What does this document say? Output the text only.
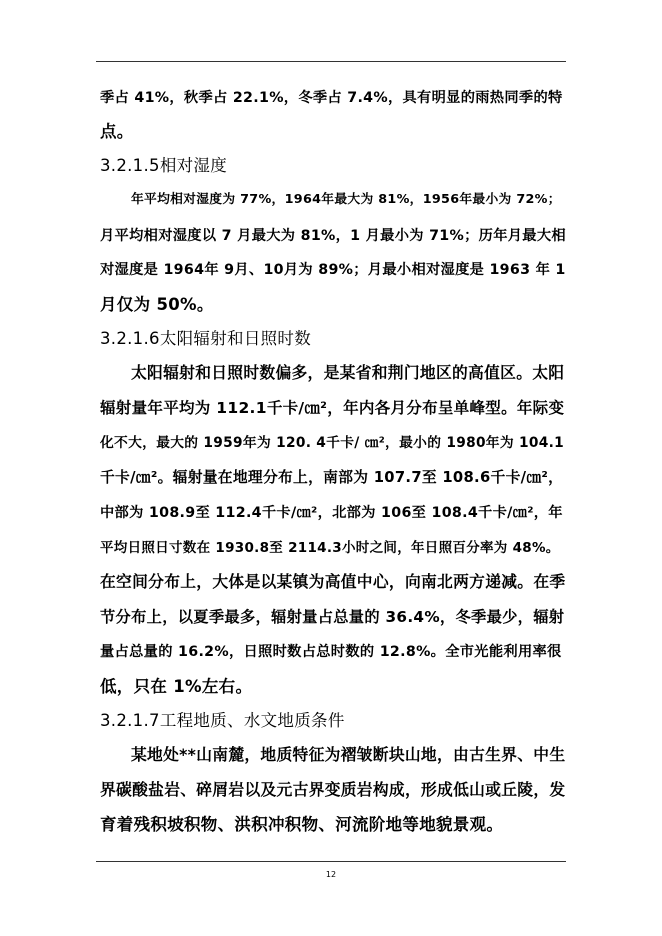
季占 41%，秋季占 22.1%，冬季占 7.4%，具有明显的雨热同季的特
点。
3.2.1.5相对湿度
年平均相对湿度为 77%，1964年最大为 81%，1956年最小为 72%；
月平均相对湿度以 7 月最大为 81%，1 月最小为 71%；历年月最大相
对湿度是 1964年 9月、10月为 89%；月最小相对湿度是 1963 年 1
月仅为 50%。
3.2.1.6太阳辐射和日照时数
太阳辐射和日照时数偏多，是某省和荆门地区的高值区。太阳
辐射量年平均为 112.1千卡/㎝²，年内各月分布呈单峰型。年际变
化不大，最大的 1959年为 120. 4千卡/ ㎝²，最小的 1980年为 104.1
千卡/㎝²。辐射量在地理分布上，南部为 107.7至 108.6千卡/㎝²，
中部为 108.9至 112.4千卡/㎝²，北部为 106至 108.4千卡/㎝²，年
平均日照日寸数在 1930.8至 2114.3小时之间，年日照百分率为 48%。
在空间分布上，大体是以某镇为高值中心，向南北两方递减。在季
节分布上，以夏季最多，辐射量占总量的 36.4%，冬季最少，辐射
量占总量的 16.2%，日照时数占总时数的 12.8%。全市光能利用率很
低，只在 1%左右。
3.2.1.7工程地质、水文地质条件
某地处**山南麓，地质特征为褶皱断块山地，由古生界、中生
界碳酸盐岩、碎屑岩以及元古界变质岩构成，形成低山或丘陵，发
育着残积坡积物、洪积冲积物、河流阶地等地貌景观。
12
